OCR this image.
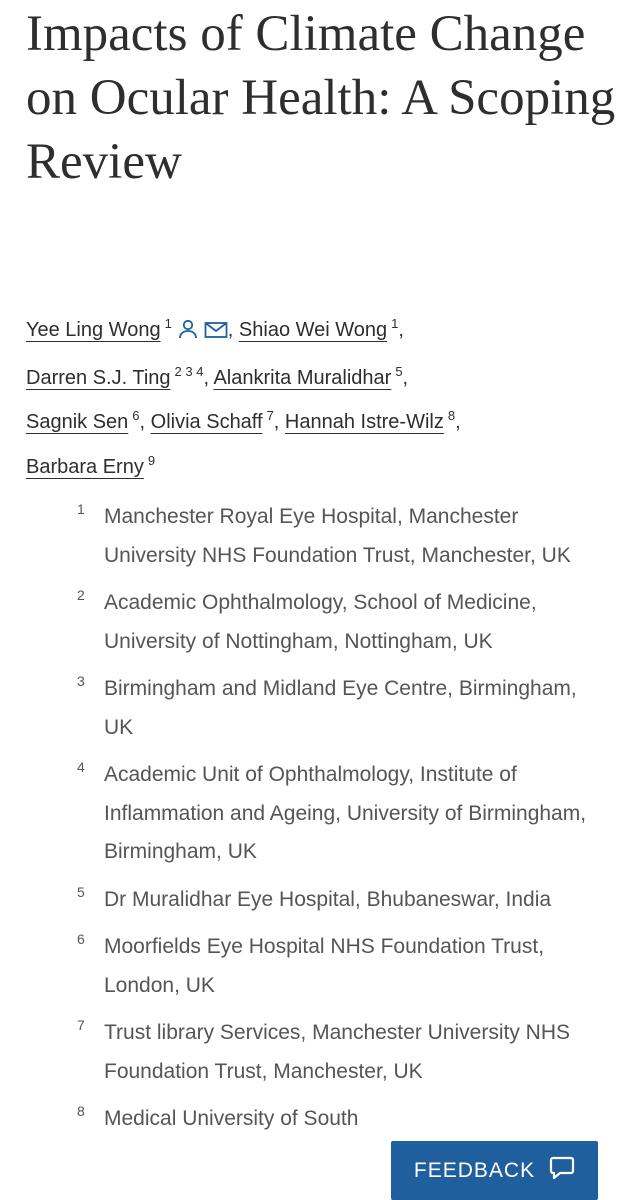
Impacts of Climate Change on Ocular Health: A Scoping Review
Yee Ling Wong $^1$	, Shiao Wei Wong $^1$,
Darren S.J. Ting $^{2 3 4}$, Alankrita Muralidhar $^5$,
Sagnik Sen $^6$, Olivia Schaff $^7$, Hannah Istre-Wilz $^8$,
Barbara Erny $^9$
1 Manchester Royal Eye Hospital, Manchester University NHS Foundation Trust, Manchester, UK
2 Academic Ophthalmology, School of Medicine, University of Nottingham, Nottingham, UK
3 Birmingham and Midland Eye Centre, Birmingham, UK
4 Academic Unit of Ophthalmology, Institute of Inflammation and Ageing, University of Birmingham, Birmingham, UK
5 Dr Muralidhar Eye Hospital, Bhubaneswar, India
6 Moorfields Eye Hospital NHS Foundation Trust, London, UK
7 Trust library Services, Manchester University NHS Foundation Trust, Manchester, UK
8 Medical University of South
FEEDBACK
